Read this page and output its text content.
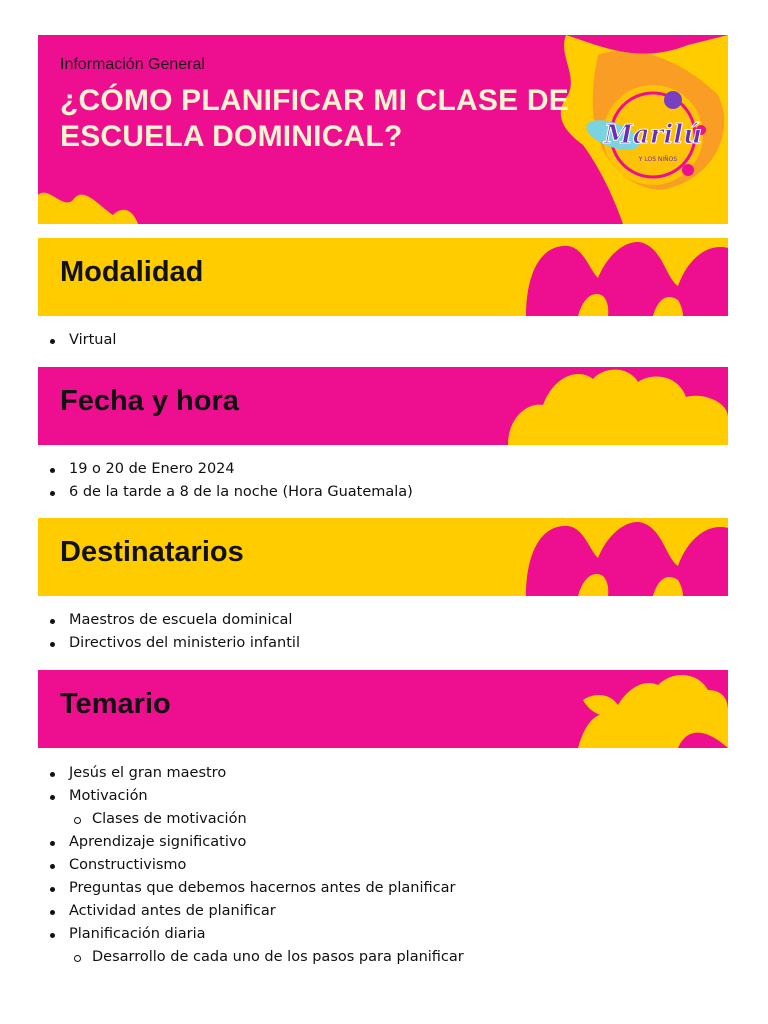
Información General
¿CÓMO PLANIFICAR MI CLASE DE ESCUELA DOMINICAL?	Marilú
Y LOS NIÑOS
Modalidad
Virtual
Fecha y hora
19 o 20 de Enero 2024
6 de la tarde a 8 de la noche (Hora Guatemala)
Destinatarios
Maestros de escuela dominical
Directivos del ministerio infantil
Temario
Jesús el gran maestro
Motivación
Clases de motivación
Aprendizaje significativo
Constructivismo
Preguntas que debemos hacernos antes de planificar
Actividad antes de planificar
Planificación diaria
Desarrollo de cada uno de los pasos para planificar
